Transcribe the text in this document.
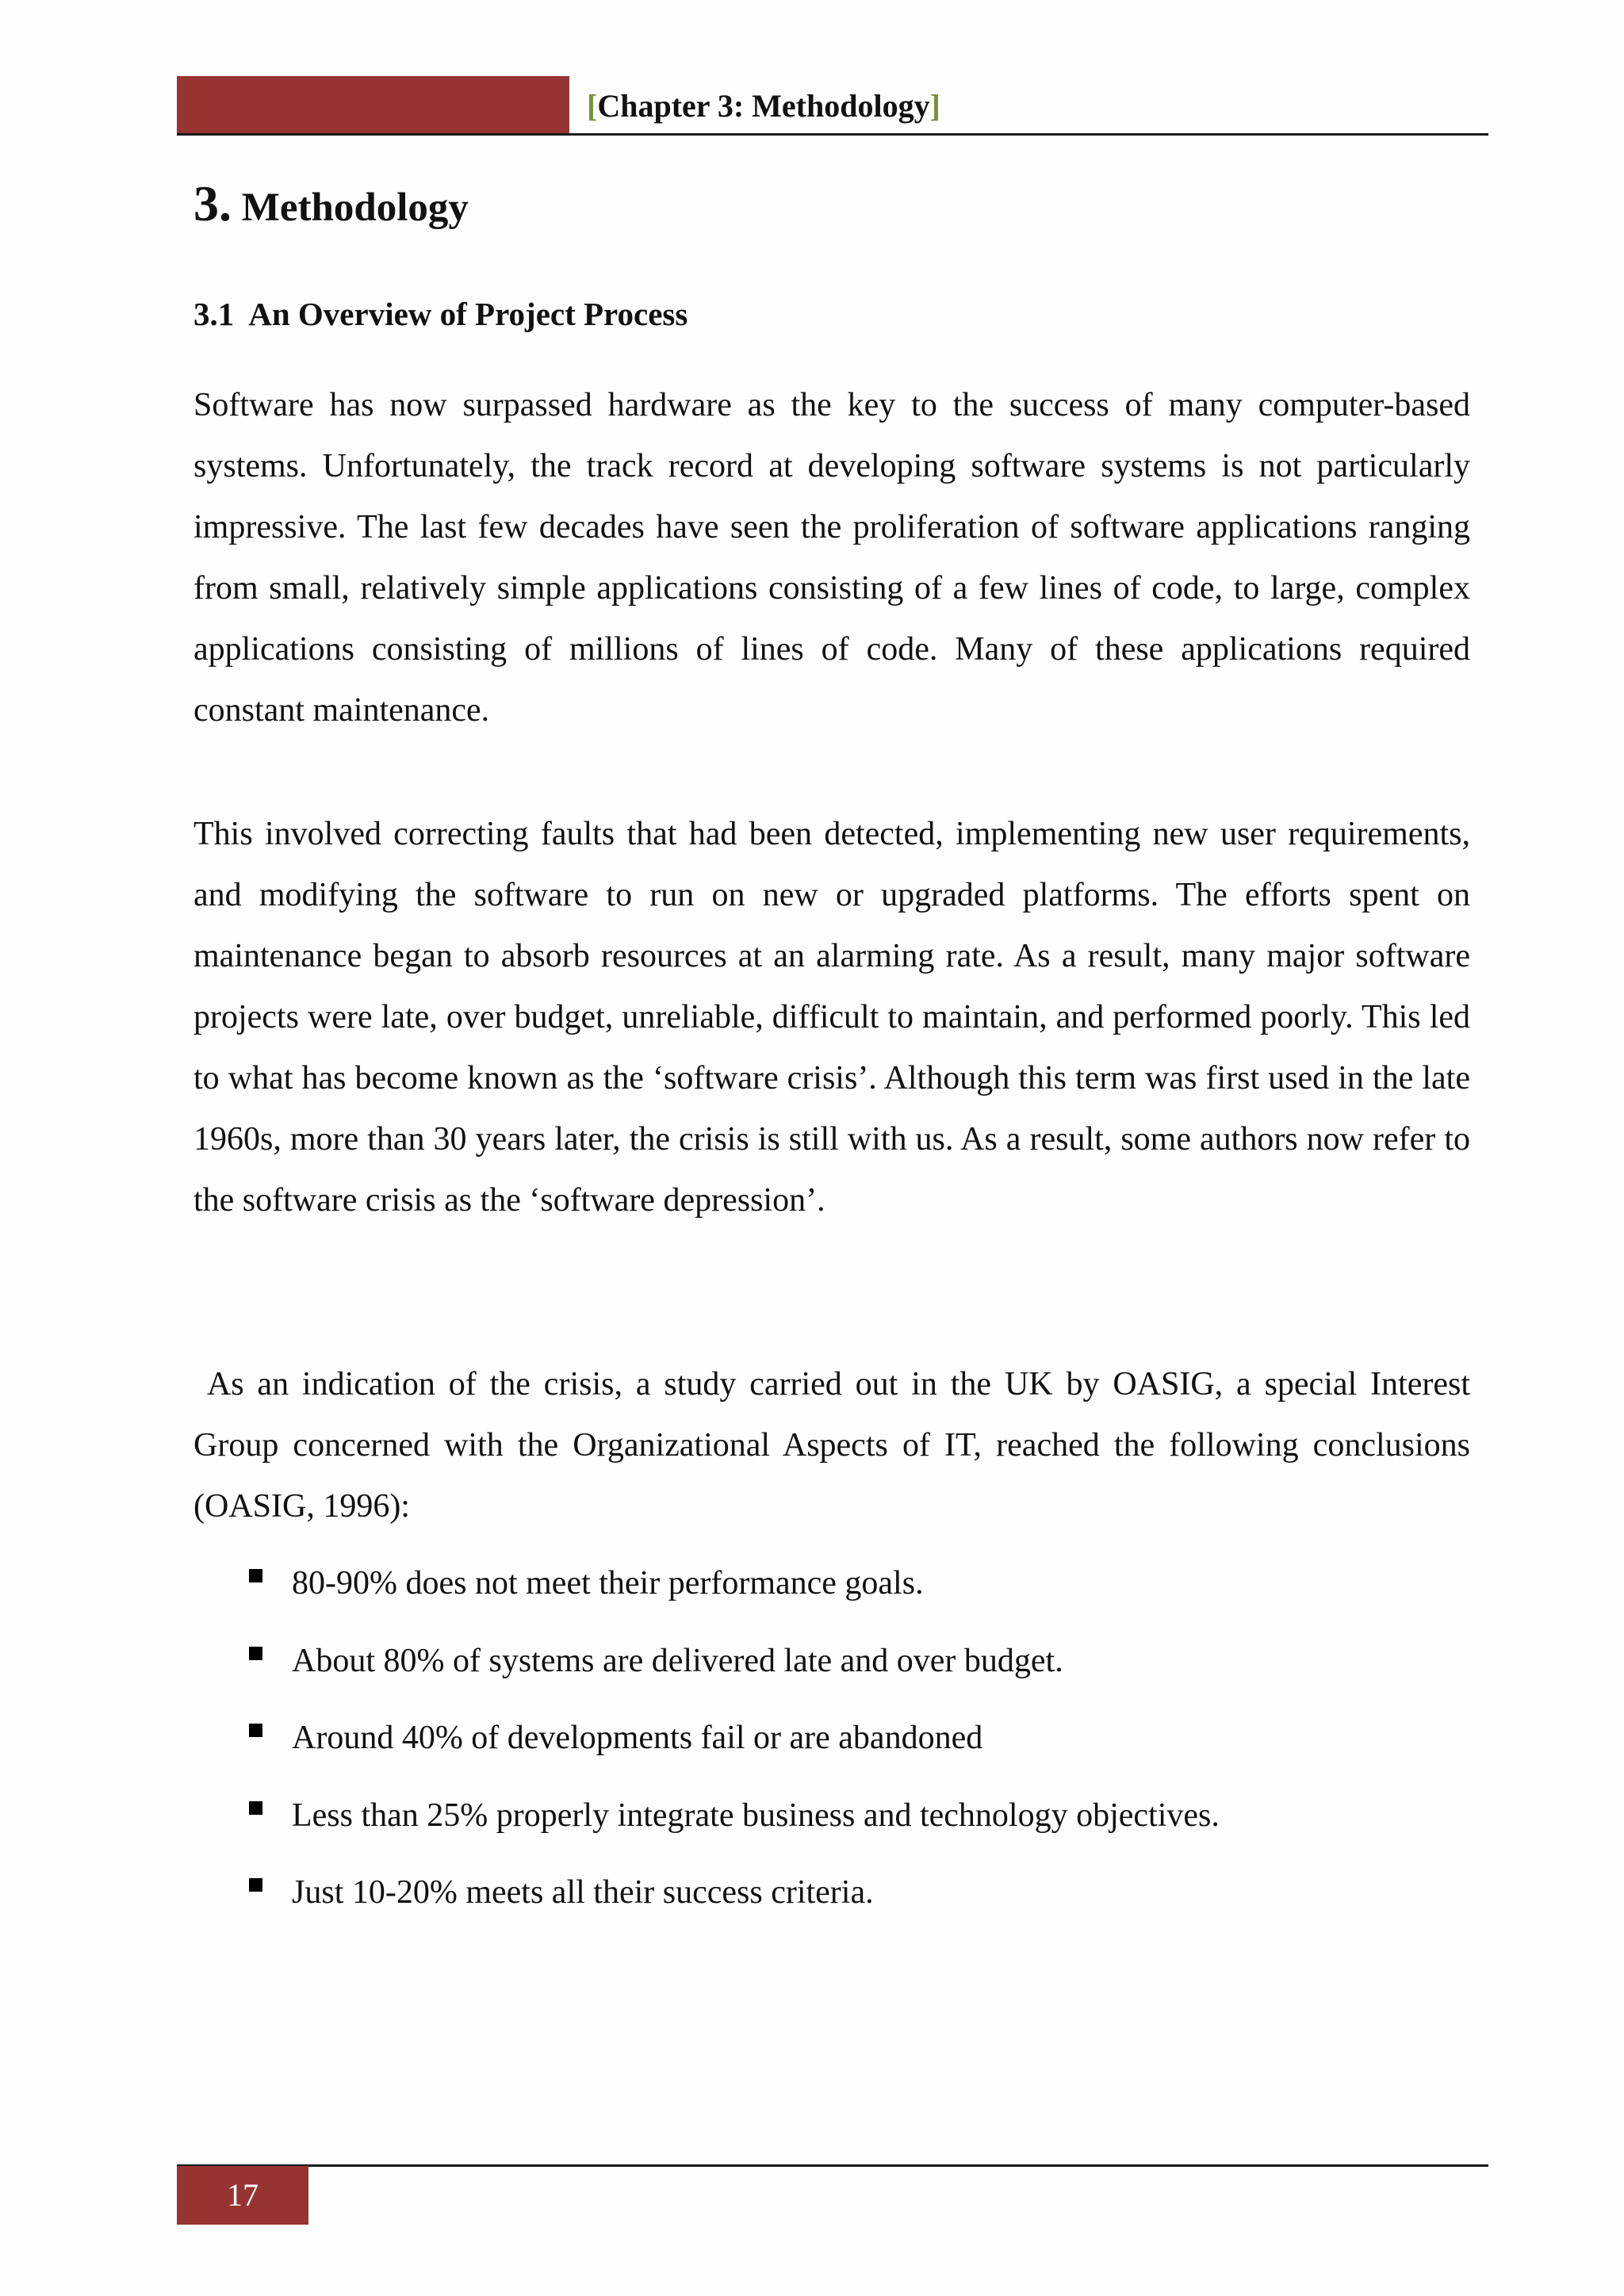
[Chapter 3: Methodology]
3. Methodology
3.1 An Overview of Project Process

Software has now surpassed hardware as the key to the success of many computer-based systems. Unfortunately, the track record at developing software systems is not particularly impressive. The last few decades have seen the proliferation of software applications ranging from small, relatively simple applications consisting of a few lines of code, to large, complex applications consisting of millions of lines of code. Many of these applications required constant maintenance.

This involved correcting faults that had been detected, implementing new user requirements, and modifying the software to run on new or upgraded platforms. The efforts spent on maintenance began to absorb resources at an alarming rate. As a result, many major software projects were late, over budget, unreliable, difficult to maintain, and performed poorly. This led to what has become known as the ‘software crisis’. Although this term was first used in the late 1960s, more than 30 years later, the crisis is still with us. As a result, some authors now refer to the software crisis as the ‘software depression’.

As an indication of the crisis, a study carried out in the UK by OASIG, a special Interest Group concerned with the Organizational Aspects of IT, reached the following conclusions (OASIG, 1996):

80-90% does not meet their performance goals.
About 80% of systems are delivered late and over budget.
Around 40% of developments fail or are abandoned
Less than 25% properly integrate business and technology objectives.
Just 10-20% meets all their success criteria.
17
